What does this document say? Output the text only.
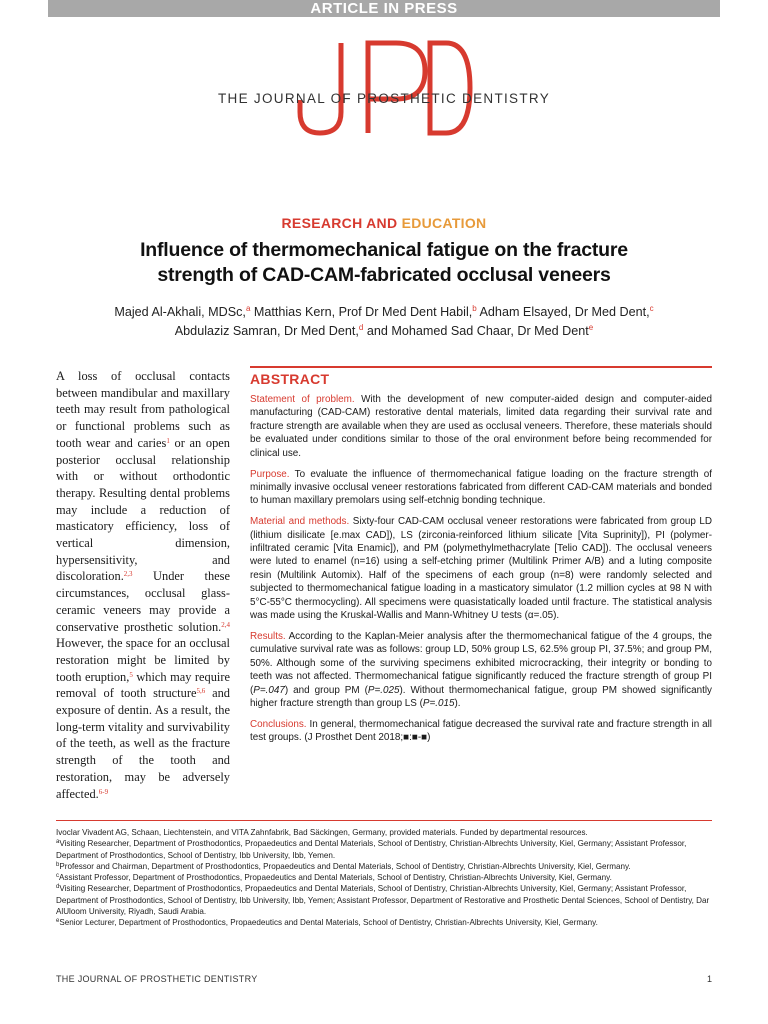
ARTICLE IN PRESS
THE JOURNAL OF PROSTHETIC DENTISTRY
RESEARCH AND EDUCATION
Influence of thermomechanical fatigue on the fracture
strength of CAD-CAM-fabricated occlusal veneers
Majed Al-Akhali, MDSc,$^a$ Matthias Kern, Prof Dr Med Dent Habil,$^b$ Adham Elsayed, Dr Med Dent,$^c$
Abdulaziz Samran, Dr Med Dent,$^d$ and Mohamed Sad Chaar, Dr Med Dent$^e$
A loss of occlusal contacts between mandibular and maxillary teeth may result from pathological or functional problems such as tooth wear and caries$^1$ or an open posterior occlusal relationship with or without orthodontic therapy. Resulting dental problems may include a reduction of masticatory efficiency, loss of vertical dimension, hypersensitivity, and discoloration.$^{2,3}$ Under these circumstances, occlusal glass-ceramic veneers may provide a conservative prosthetic solution.$^{2,4}$ However, the space for an occlusal restoration might be limited by tooth eruption,$^5$ which may require removal of tooth structure$^{5,6}$ and exposure of dentin. As a result, the long-term vitality and survivability of the teeth, as well as the fracture strength of the tooth and restoration, may be adversely affected.$^{6-9}$
ABSTRACT

Statement of problem. With the development of new computer-aided design and computer-aided manufacturing (CAD-CAM) restorative dental materials, limited data regarding their survival rate and fracture strength are available when they are used as occlusal veneers. Therefore, these materials should be evaluated under conditions similar to those of the oral environment before being recommended for clinical use.

Purpose. To evaluate the influence of thermomechanical fatigue loading on the fracture strength of minimally invasive occlusal veneer restorations fabricated from different CAD-CAM materials and bonded to human maxillary premolars using self-etchnig bonding technique.

Material and methods. Sixty-four CAD-CAM occlusal veneer restorations were fabricated from group LD (lithium disilicate [e.max CAD]), LS (zirconia-reinforced lithium silicate [Vita Suprinity]), PI (polymer-infiltrated ceramic [Vita Enamic]), and PM (polymethylmethacrylate [Telio CAD]). The occlusal veneers were luted to enamel (n=16) using a self-etching primer (Multilink Primer A/B) and a luting composite resin (Multilink Automix). Half of the specimens of each group (n=8) were randomly selected and subjected to thermomechanical fatigue loading in a masticatory simulator (1.2 million cycles at 98 N with 5°C-55°C thermocycling). All specimens were quasistatically loaded until fracture. The statistical analysis was made using the Kruskal-Wallis and Mann-Whitney U tests (α=.05).

Results. According to the Kaplan-Meier analysis after the thermomechanical fatigue of the 4 groups, the cumulative survival rate was as follows: group LD, 50% group LS, 62.5% group PI, 37.5%; and group PM, 50%. Although some of the surviving specimens exhibited microcracking, their integrity or bonding to teeth was not affected. Thermomechanical fatigue significantly reduced the fracture strength of group PI (P=.047) and group PM (P=.025). Without thermomechanical fatigue, group PM showed significantly higher fracture strength than group LS (P=.015).

Conclusions. In general, thermomechanical fatigue decreased the survival rate and fracture strength in all test groups. (J Prosthet Dent 2018;■:■-■)

Ivoclar Vivadent AG, Schaan, Liechtenstein, and VITA Zahnfabrik, Bad Säckingen, Germany, provided materials. Funded by departmental resources.
$^a$Visiting Researcher, Department of Prosthodontics, Propaedeutics and Dental Materials, School of Dentistry, Christian-Albrechts University, Kiel, Germany; Assistant Professor, Department of Prosthodontics, School of Dentistry, Ibb University, Ibb, Yemen.
$^b$Professor and Chairman, Department of Prosthodontics, Propaedeutics and Dental Materials, School of Dentistry, Christian-Albrechts University, Kiel, Germany.
$^c$Assistant Professor, Department of Prosthodontics, Propaedeutics and Dental Materials, School of Dentistry, Christian-Albrechts University, Kiel, Germany.
$^d$Visiting Researcher, Department of Prosthodontics, Propaedeutics and Dental Materials, School of Dentistry, Christian-Albrechts University, Kiel, Germany; Assistant Professor, Department of Prosthodontics, School of Dentistry, Ibb University, Ibb, Yemen; Assistant Professor, Department of Restorative and Prosthetic Dental Sciences, School of Dentistry, Dar AlUloom University, Riyadh, Saudi Arabia.
$^e$Senior Lecturer, Department of Prosthodontics, Propaedeutics and Dental Materials, School of Dentistry, Christian-Albrechts University, Kiel, Germany.
THE JOURNAL OF PROSTHETIC DENTISTRY	1
